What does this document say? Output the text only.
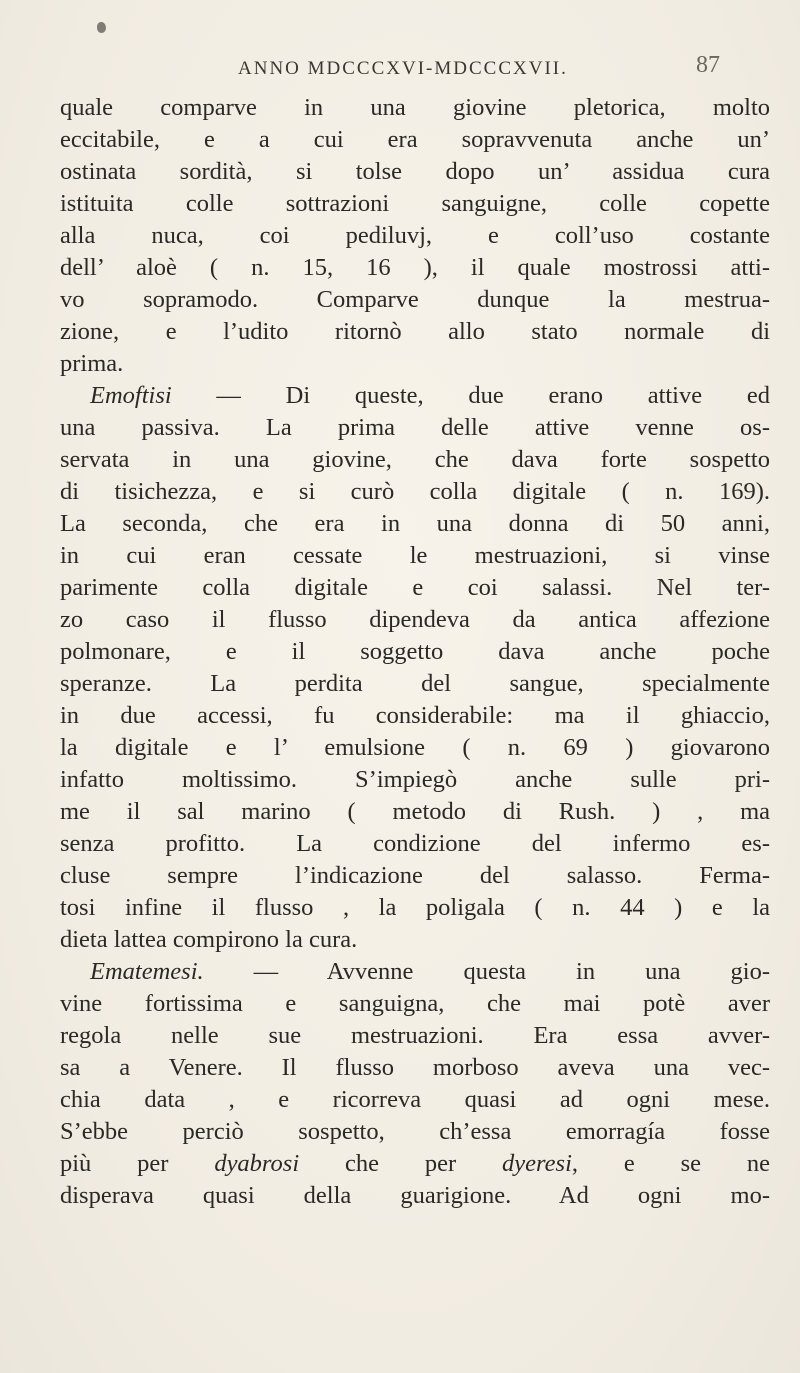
ANNO MDCCCXVI-MDCCCXVII.	87
quale comparve in una giovine pletorica, molto
eccitabile, e a cui era sopravvenuta anche un’
ostinata sordità, si tolse dopo un’ assidua cura
istituita colle sottrazioni sanguigne, colle copette
alla nuca, coi pediluvj, e coll’uso costante
dell’ aloè ( n. 15, 16 ), il quale mostrossi atti-
vo sopramodo. Comparve dunque la mestrua-
zione, e l’udito ritornò allo stato normale di
prima.
Emoftisi — Di queste, due erano attive ed
una passiva. La prima delle attive venne os-
servata in una giovine, che dava forte sospetto
di tisichezza, e si curò colla digitale ( n. 169).
La seconda, che era in una donna di 50 anni,
in cui eran cessate le mestruazioni, si vinse
parimente colla digitale e coi salassi. Nel ter-
zo caso il flusso dipendeva da antica affezione
polmonare, e il soggetto dava anche poche
speranze. La perdita del sangue, specialmente
in due accessi, fu considerabile: ma il ghiaccio,
la digitale e l’ emulsione ( n. 69 ) giovarono
infatto moltissimo. S’impiegò anche sulle pri-
me il sal marino ( metodo di Rush. ) , ma
senza profitto. La condizione del infermo es-
cluse sempre l’indicazione del salasso. Ferma-
tosi infine il flusso , la poligala ( n. 44 ) e la
dieta lattea compirono la cura.
Ematemesi. — Avvenne questa in una gio-
vine fortissima e sanguigna, che mai potè aver
regola nelle sue mestruazioni. Era essa avver-
sa a Venere. Il flusso morboso aveva una vec-
chia data , e ricorreva quasi ad ogni mese.
S’ebbe perciò sospetto, ch’essa emorragía fosse
più per dyabrosi che per dyeresi, e se ne
disperava quasi della guarigione. Ad ogni mo-
